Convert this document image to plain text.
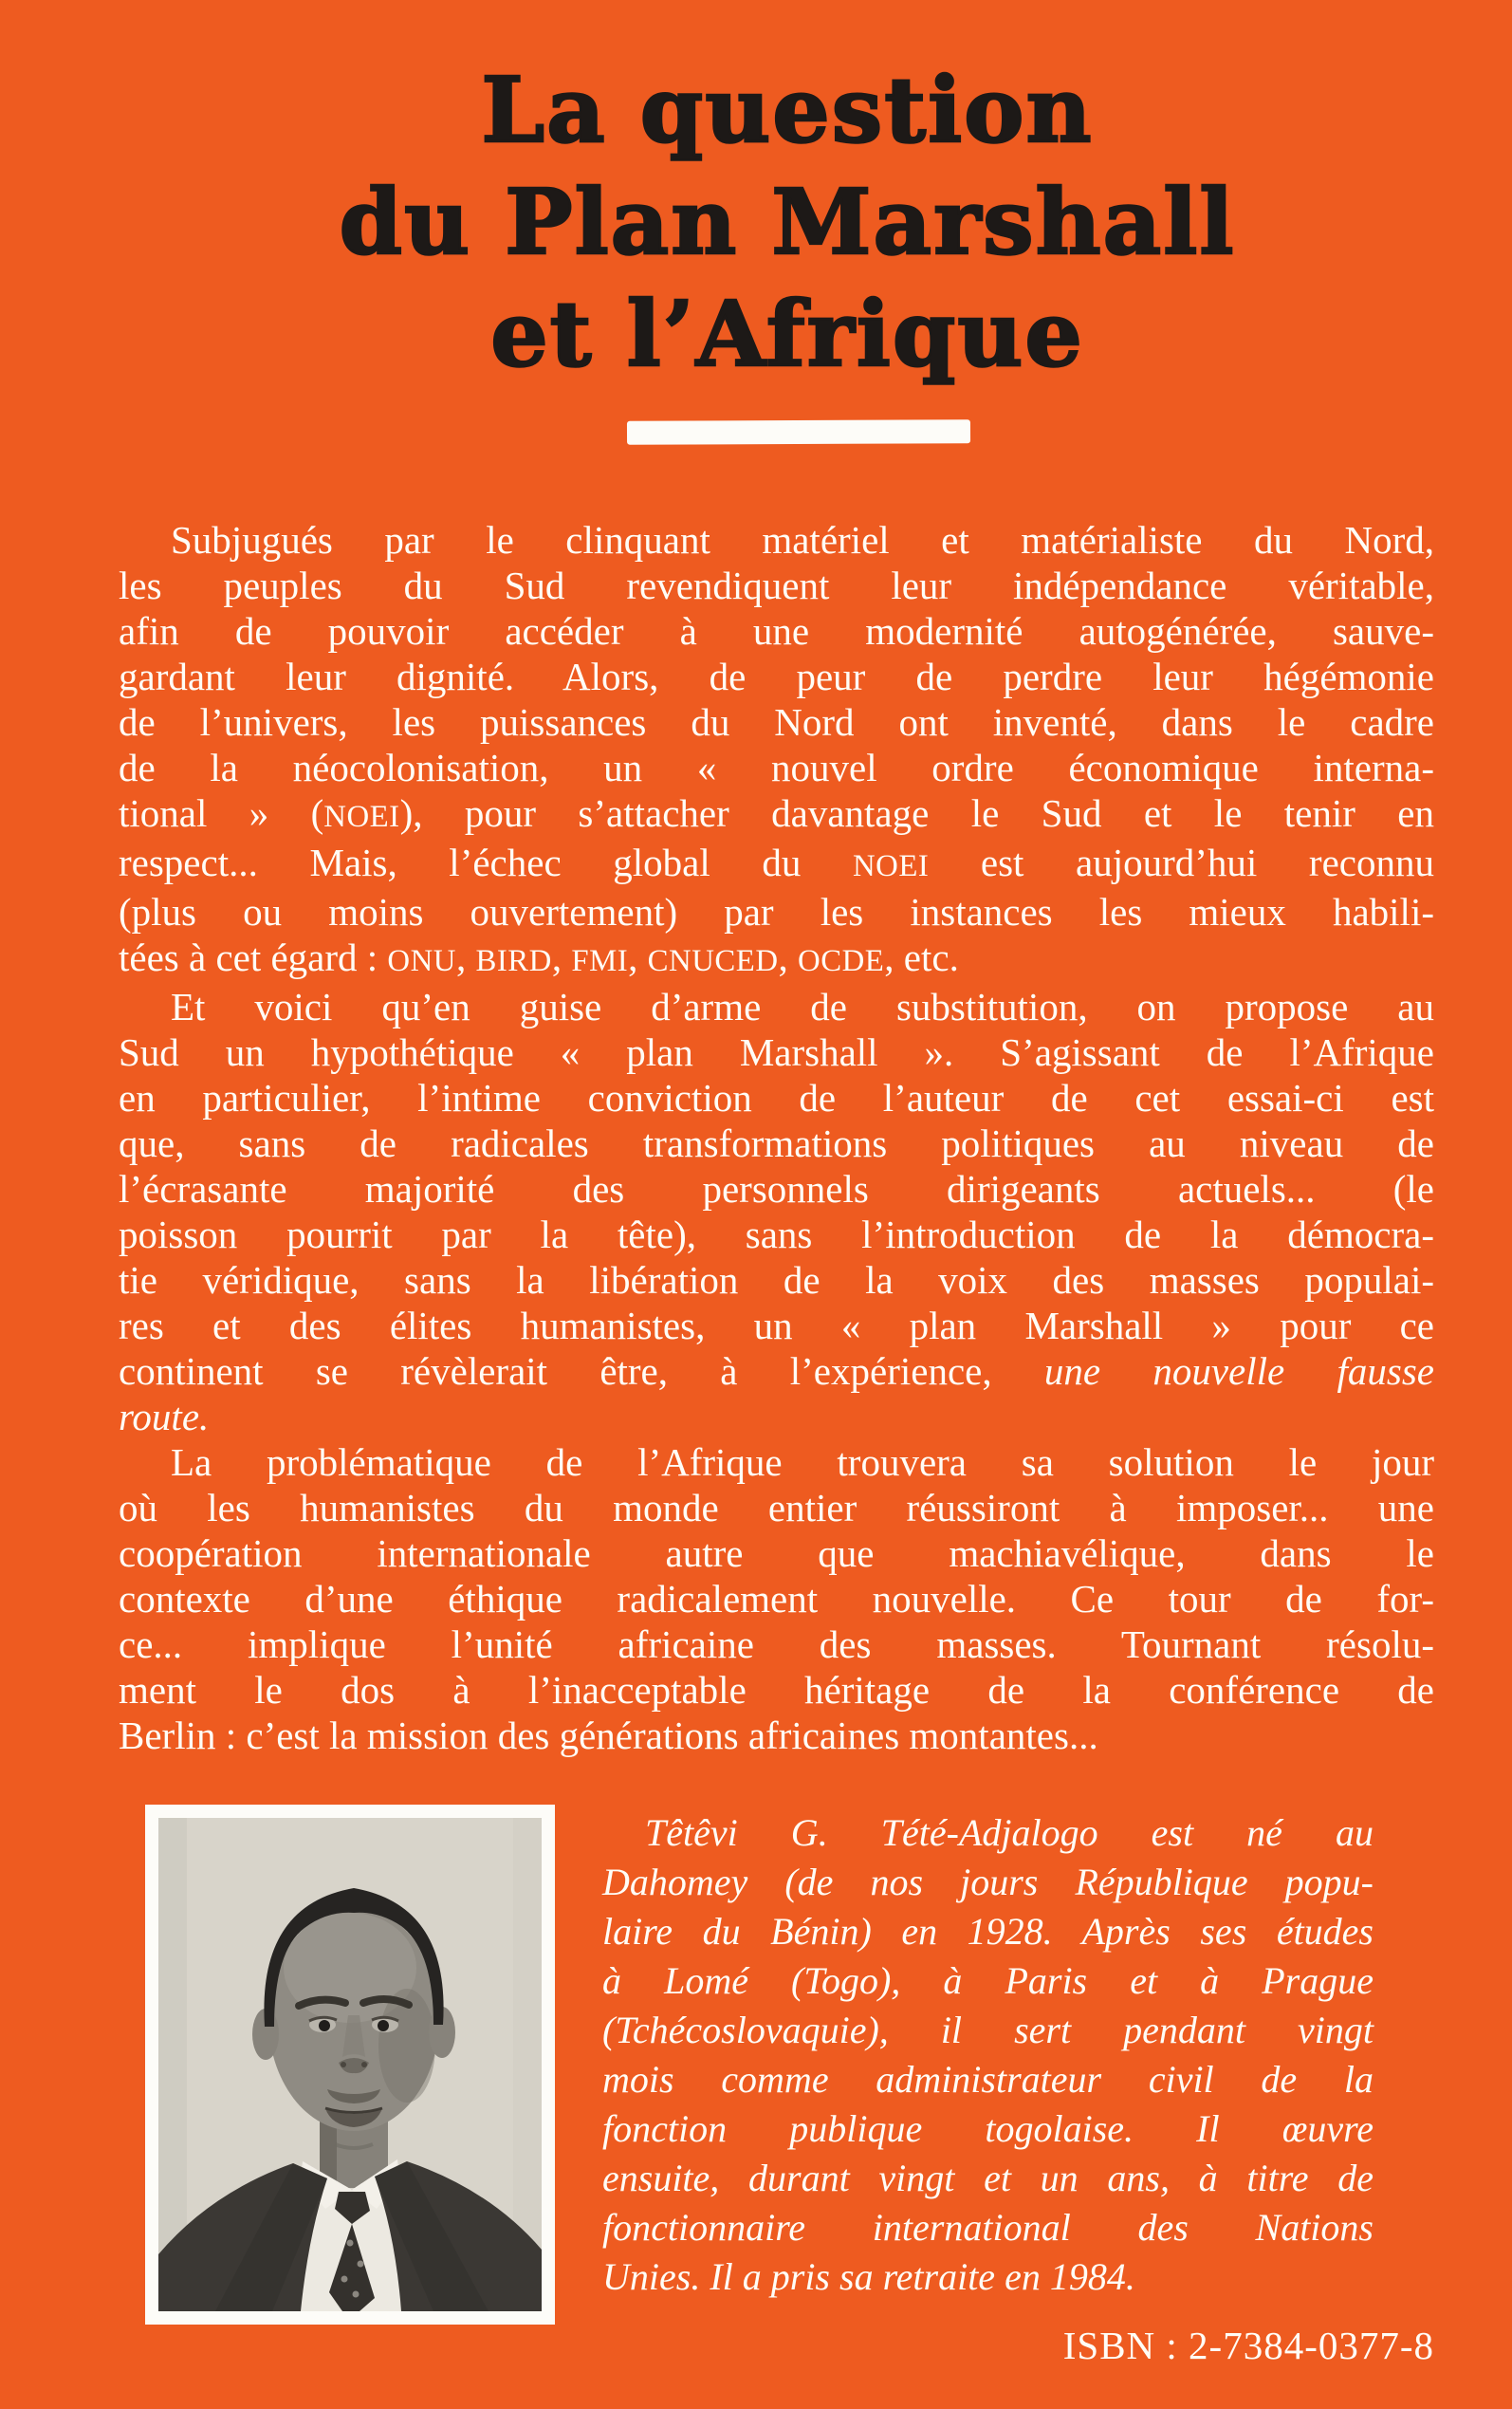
La question
du Plan Marshall
et l’Afrique
Subjugués par le clinquant matériel et matérialiste du Nord,
les peuples du Sud revendiquent leur indépendance véritable,
afin de pouvoir accéder à une modernité autogénérée, sauve-
gardant leur dignité. Alors, de peur de perdre leur hégémonie
de l’univers, les puissances du Nord ont inventé, dans le cadre
de la néocolonisation, un « nouvel ordre économique interna-
tional » (NOEI), pour s’attacher davantage le Sud et le tenir en
respect... Mais, l’échec global du NOEI est aujourd’hui reconnu
(plus ou moins ouvertement) par les instances les mieux habili-
tées à cet égard : ONU, BIRD, FMI, CNUCED, OCDE, etc.
Et voici qu’en guise d’arme de substitution, on propose au
Sud un hypothétique « plan Marshall ». S’agissant de l’Afrique
en particulier, l’intime conviction de l’auteur de cet essai-ci est
que, sans de radicales transformations politiques au niveau de
l’écrasante majorité des personnels dirigeants actuels... (le
poisson pourrit par la tête), sans l’introduction de la démocra-
tie véridique, sans la libération de la voix des masses populai-
res et des élites humanistes, un « plan Marshall » pour ce
continent se révèlerait être, à l’expérience, une nouvelle fausse
route.
La problématique de l’Afrique trouvera sa solution le jour
où les humanistes du monde entier réussiront à imposer... une
coopération internationale autre que machiavélique, dans le
contexte d’une éthique radicalement nouvelle. Ce tour de for-
ce... implique l’unité africaine des masses. Tournant résolu-
ment le dos à l’inacceptable héritage de la conférence de
Berlin : c’est la mission des générations africaines montantes...
Têtêvi G. Tété-Adjalogo est né au
Dahomey (de nos jours République popu-
laire du Bénin) en 1928. Après ses études
à Lomé (Togo), à Paris et à Prague
(Tchécoslovaquie), il sert pendant vingt
mois comme administrateur civil de la
fonction publique togolaise. Il œuvre
ensuite, durant vingt et un ans, à titre de
fonctionnaire international des Nations
Unies. Il a pris sa retraite en 1984.
ISBN : 2-7384-0377-8
